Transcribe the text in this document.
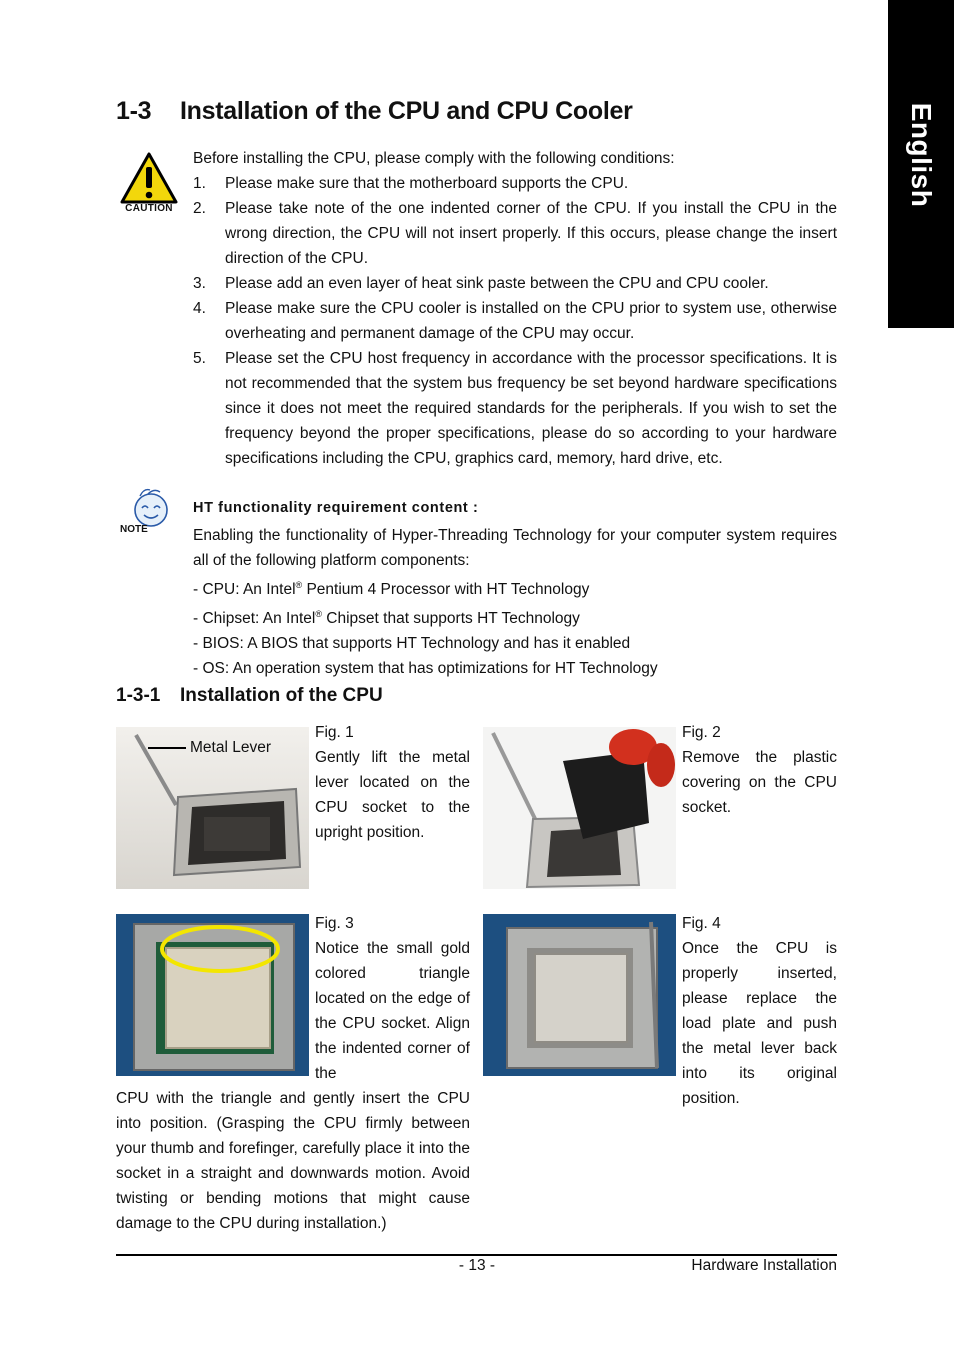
English
1-3 Installation of the CPU and CPU Cooler
CAUTION
Before installing the CPU, please comply with the following conditions:
1. Please make sure that the motherboard supports the CPU.
2. Please take note of the one indented corner of the CPU. If you install the CPU in the wrong direction, the CPU will not insert properly. If this occurs, please change the insert direction of the CPU.
3. Please add an even layer of heat sink paste between the CPU and CPU cooler.
4. Please make sure the CPU cooler is installed on the CPU prior to system use, otherwise overheating and permanent damage of the CPU may occur.
5. Please set the CPU host frequency in accordance with the processor specifications. It is not recommended that the system bus frequency be set beyond hardware specifications since it does not meet the required standards for the peripherals. If you wish to set the frequency beyond the proper specifications, please do so according to your hardware specifications including the CPU, graphics card, memory, hard drive, etc.
NOTE
HT functionality requirement content :
Enabling the functionality of Hyper-Threading Technology for your computer system requires all of the following platform components:
- CPU: An Intel® Pentium 4 Processor with HT Technology
- Chipset: An Intel® Chipset that supports HT Technology
- BIOS: A BIOS that supports HT Technology and has it enabled
- OS: An operation system that has optimizations for HT Technology
1-3-1 Installation of the CPU
Metal Lever
Fig. 1
Gently lift the metal lever located on the CPU socket to the upright position.
Fig. 2
Remove the plastic covering on the CPU socket.
Fig. 3
Notice the small gold colored triangle located on the edge of the CPU socket. Align the indented corner of the
CPU with the triangle and gently insert the CPU into position. (Grasping the CPU firmly between your thumb and forefinger, carefully place it into the socket in a straight and downwards motion. Avoid twisting or bending motions that might cause damage to the CPU during installation.)
Fig. 4
Once the CPU is properly inserted, please replace the load plate and push the metal lever back into its original position.
- 13 -	Hardware Installation
